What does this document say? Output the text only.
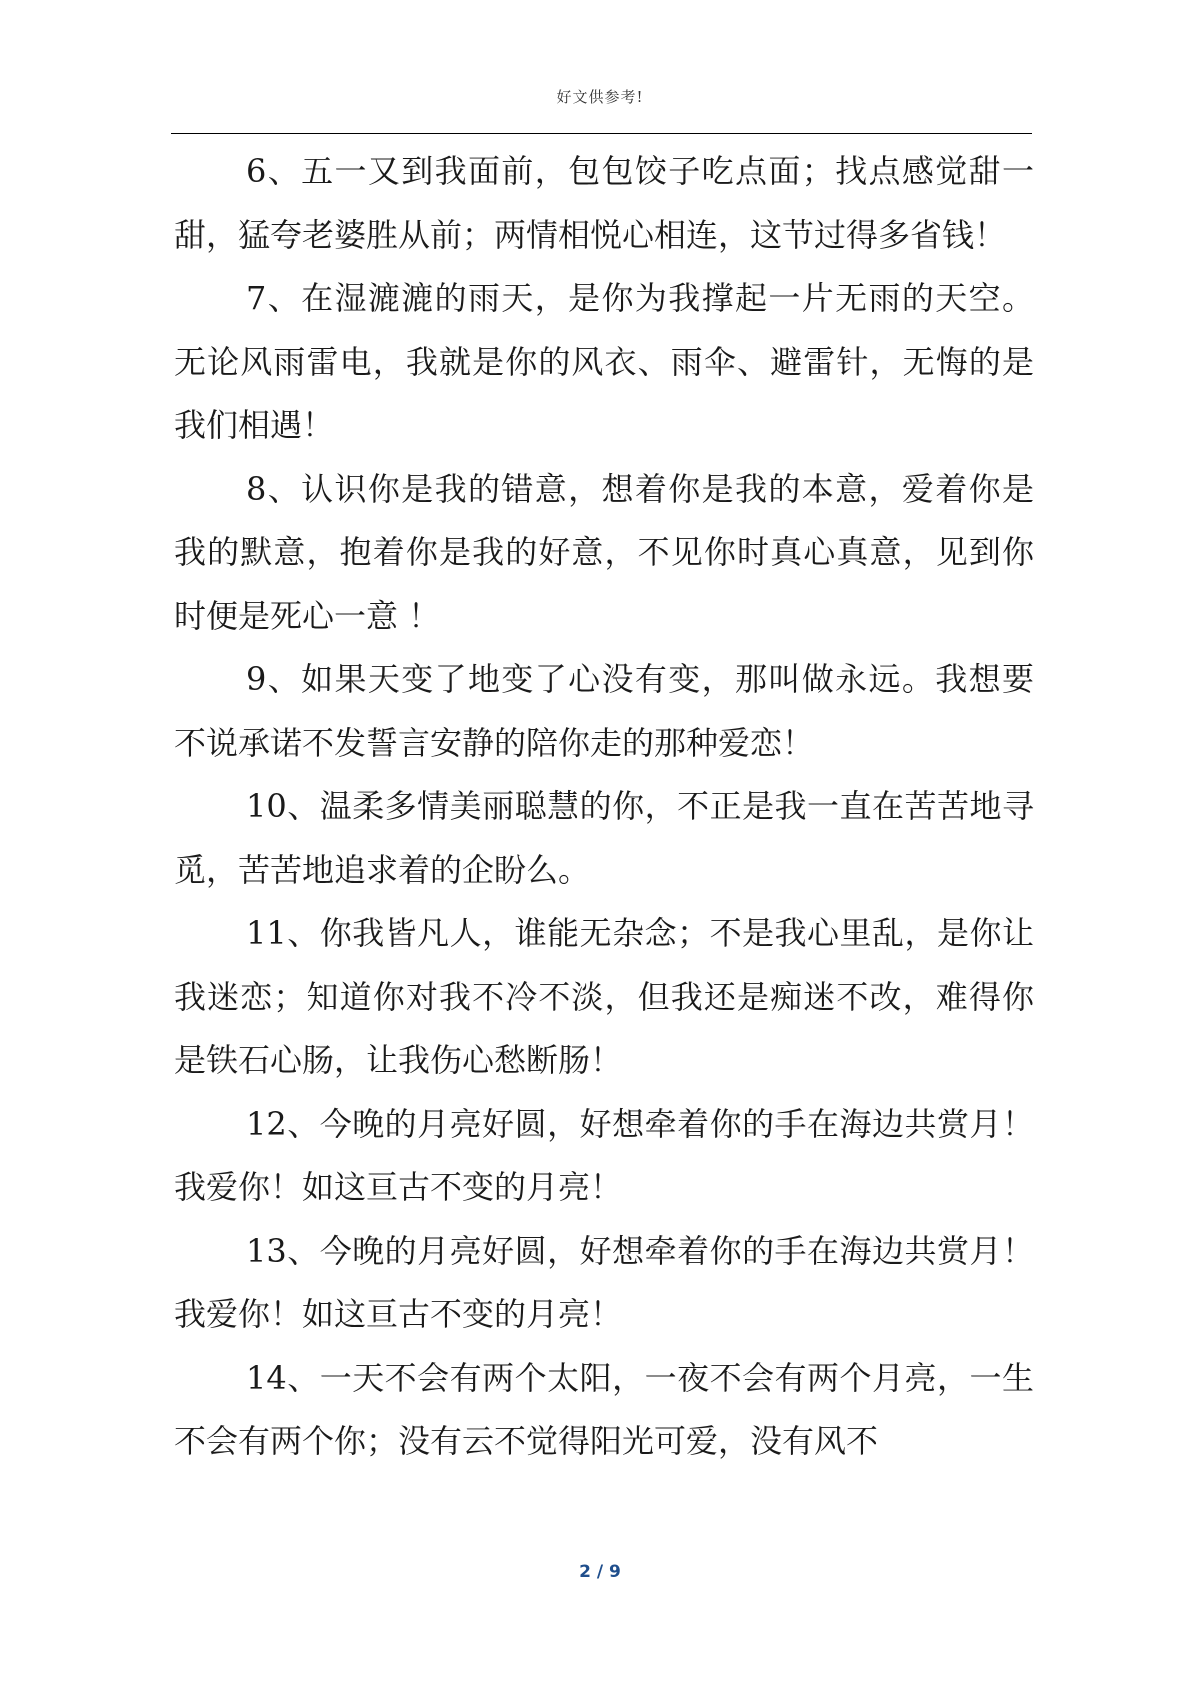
好文供参考!

6、五一又到我面前，包包饺子吃点面；找点感觉甜一甜，猛夸老婆胜从前；两情相悦心相连，这节过得多省钱！

7、在湿漉漉的雨天，是你为我撑起一片无雨的天空。无论风雨雷电，我就是你的风衣、雨伞、避雷针，无悔的是我们相遇！

8、认识你是我的错意，想着你是我的本意，爱着你是我的默意，抱着你是我的好意，不见你时真心真意，见到你时便是死心一意 ！

9、如果天变了地变了心没有变，那叫做永远。我想要不说承诺不发誓言安静的陪你走的那种爱恋！

10、温柔多情美丽聪慧的你，不正是我一直在苦苦地寻觅，苦苦地追求着的企盼么。

11、你我皆凡人，谁能无杂念；不是我心里乱，是你让我迷恋；知道你对我不冷不淡，但我还是痴迷不改，难得你是铁石心肠，让我伤心愁断肠！

12、今晚的月亮好圆，好想牵着你的手在海边共赏月！我爱你！如这亘古不变的月亮！

13、今晚的月亮好圆，好想牵着你的手在海边共赏月！我爱你！如这亘古不变的月亮！

14、一天不会有两个太阳，一夜不会有两个月亮，一生不会有两个你；没有云不觉得阳光可爱，没有风不

2 / 9
